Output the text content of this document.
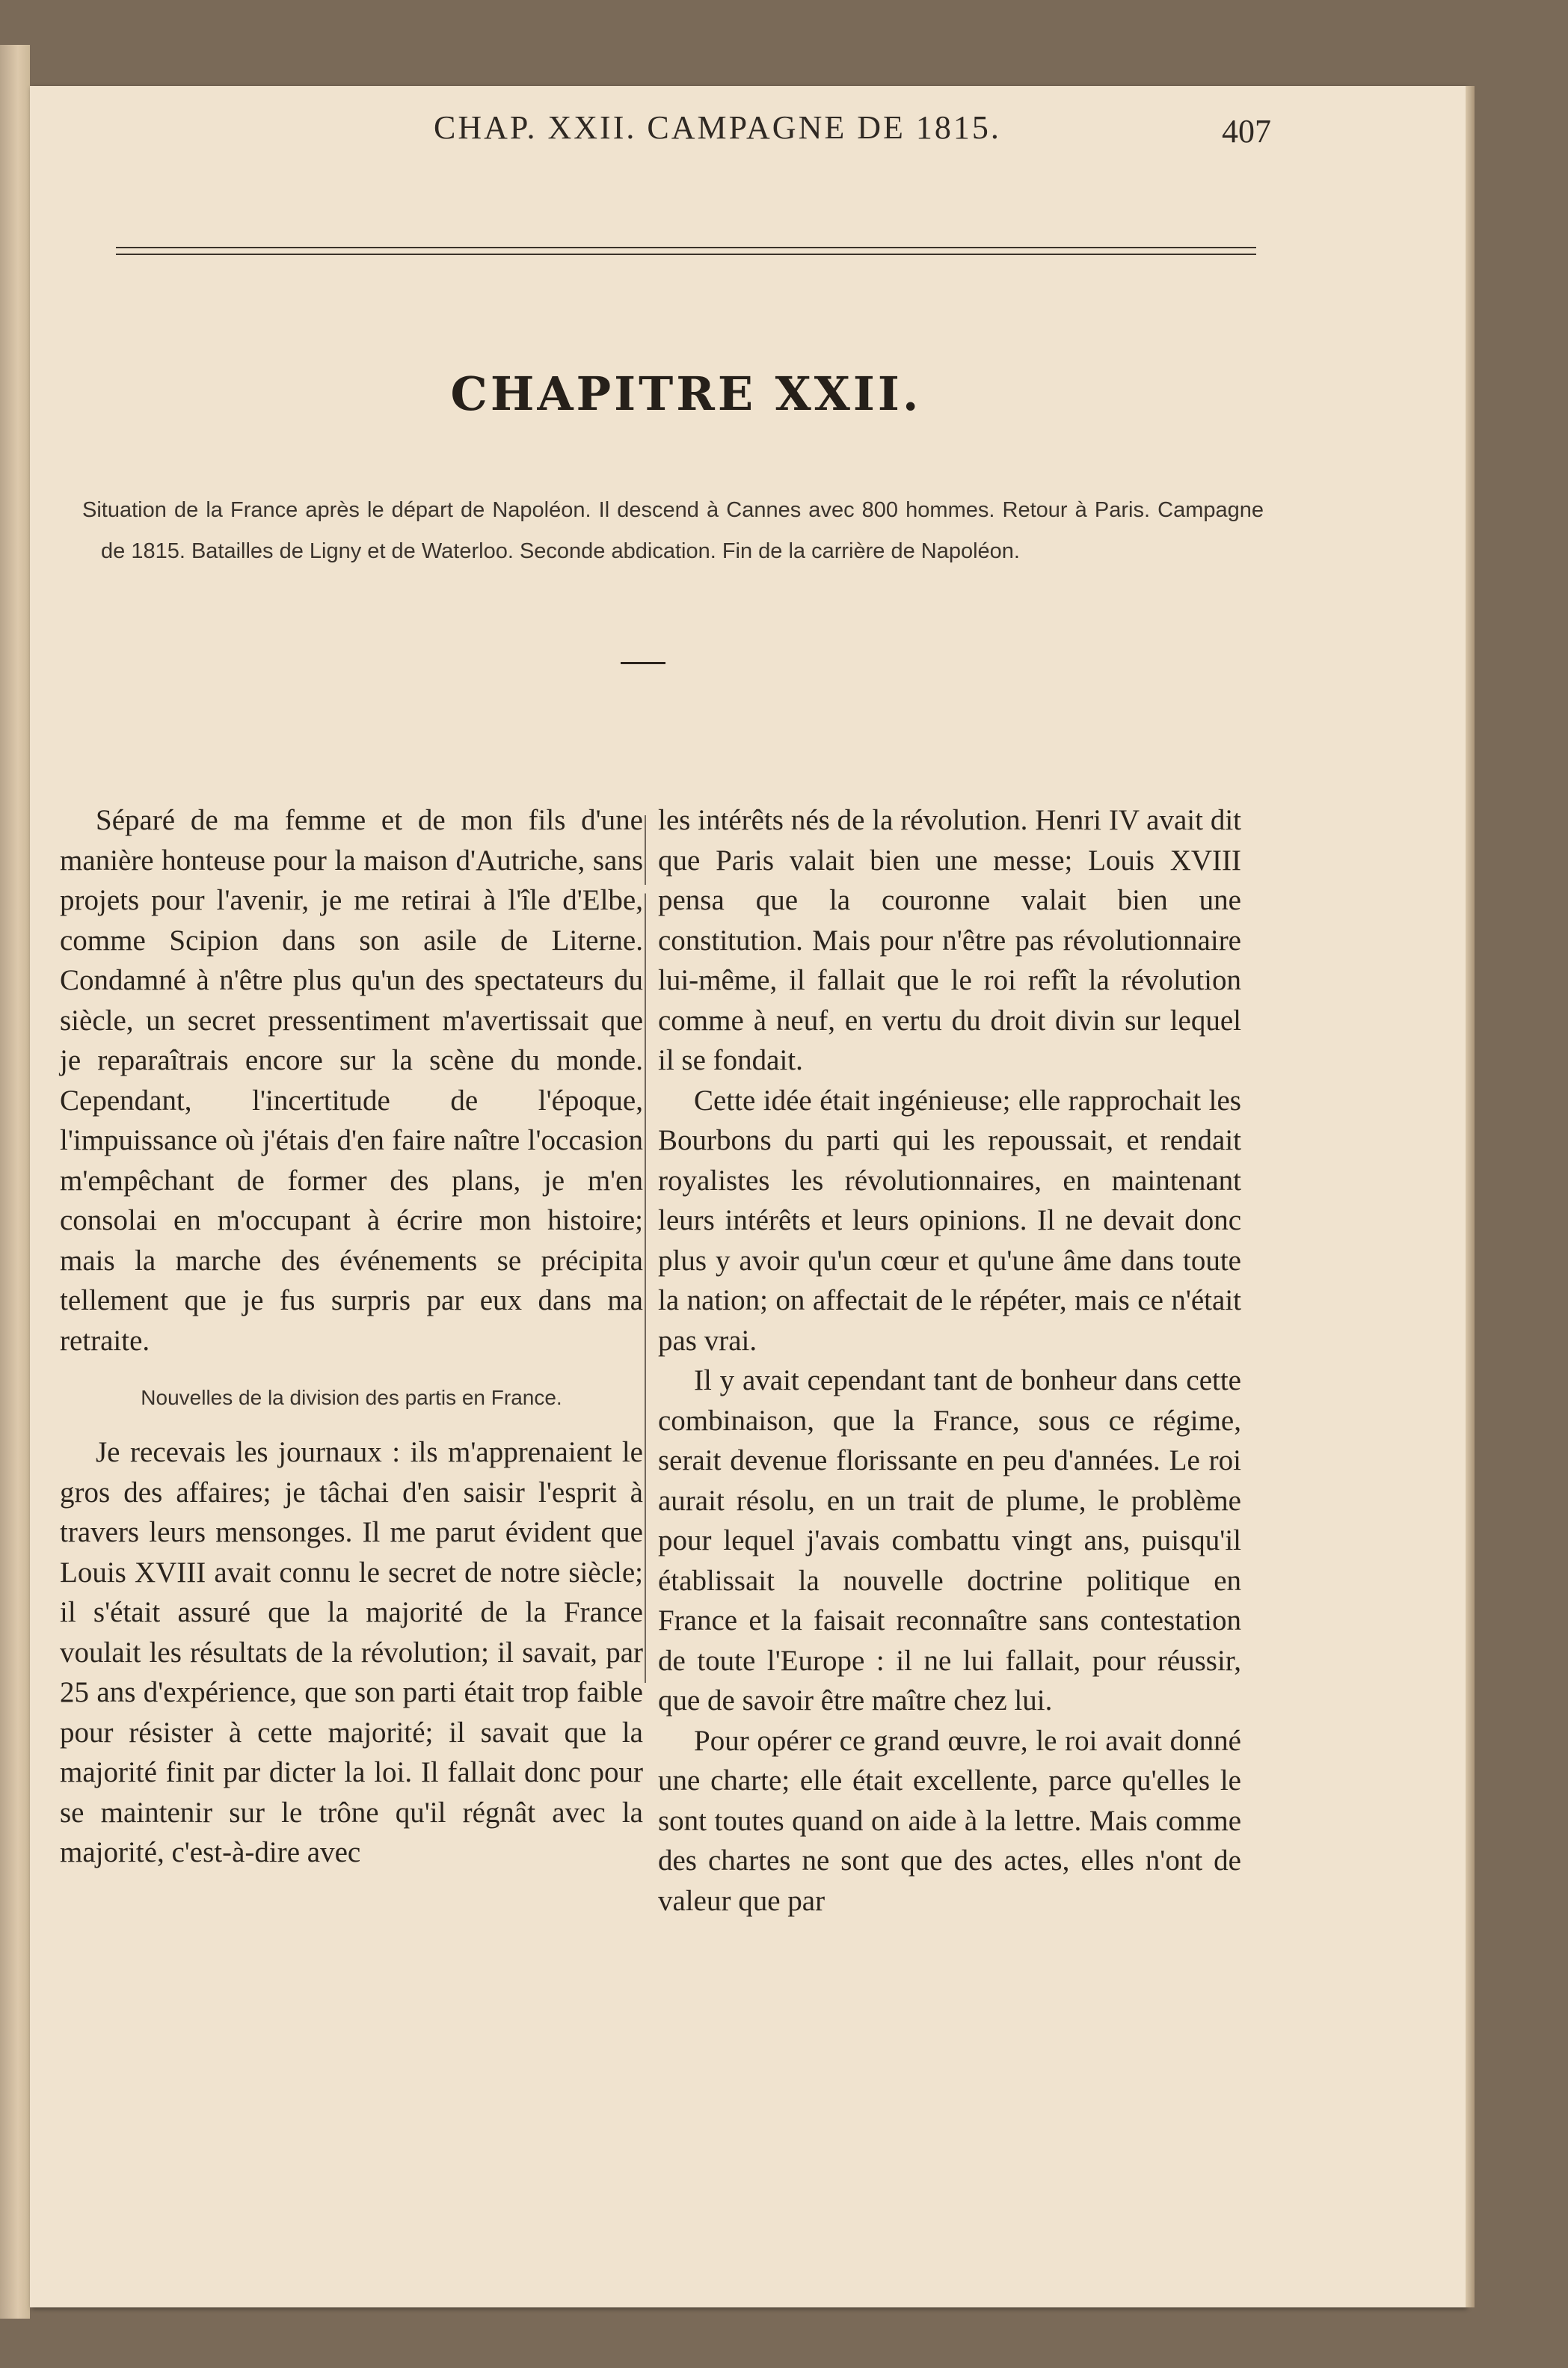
CHAP. XXII. CAMPAGNE DE 1815.	407
CHAPITRE XXII.
Situation de la France après le départ de Napoléon. Il descend à Cannes avec 800 hommes. Retour à Paris. Campagne de 1815. Batailles de Ligny et de Waterloo. Seconde abdication. Fin de la carrière de Napoléon.

Séparé de ma femme et de mon fils d'une manière honteuse pour la maison d'Autriche, sans projets pour l'avenir, je me retirai à l'île d'Elbe, comme Scipion dans son asile de Literne. Condamné à n'être plus qu'un des spectateurs du siècle, un secret pressentiment m'avertissait que je reparaîtrais encore sur la scène du monde. Cependant, l'incertitude de l'époque, l'impuissance où j'étais d'en faire naître l'occasion m'empêchant de former des plans, je m'en consolai en m'occupant à écrire mon histoire; mais la marche des événements se précipita tellement que je fus surpris par eux dans ma retraite.

Nouvelles de la division des partis en France.

Je recevais les journaux : ils m'apprenaient le gros des affaires; je tâchai d'en saisir l'esprit à travers leurs mensonges. Il me parut évident que Louis XVIII avait connu le secret de notre siècle; il s'était assuré que la majorité de la France voulait les résultats de la révolution; il savait, par 25 ans d'expérience, que son parti était trop faible pour résister à cette majorité; il savait que la majorité finit par dicter la loi. Il fallait donc pour se maintenir sur le trône qu'il régnât avec la majorité, c'est-à-dire avec

les intérêts nés de la révolution. Henri IV avait dit que Paris valait bien une messe; Louis XVIII pensa que la couronne valait bien une constitution. Mais pour n'être pas révolutionnaire lui-même, il fallait que le roi refît la révolution comme à neuf, en vertu du droit divin sur lequel il se fondait.

Cette idée était ingénieuse; elle rapprochait les Bourbons du parti qui les repoussait, et rendait royalistes les révolutionnaires, en maintenant leurs intérêts et leurs opinions. Il ne devait donc plus y avoir qu'un cœur et qu'une âme dans toute la nation; on affectait de le répéter, mais ce n'était pas vrai.

Il y avait cependant tant de bonheur dans cette combinaison, que la France, sous ce régime, serait devenue florissante en peu d'années. Le roi aurait résolu, en un trait de plume, le problème pour lequel j'avais combattu vingt ans, puisqu'il établissait la nouvelle doctrine politique en France et la faisait reconnaître sans contestation de toute l'Europe : il ne lui fallait, pour réussir, que de savoir être maître chez lui.

Pour opérer ce grand œuvre, le roi avait donné une charte; elle était excellente, parce qu'elles le sont toutes quand on aide à la lettre. Mais comme des chartes ne sont que des actes, elles n'ont de valeur que par
